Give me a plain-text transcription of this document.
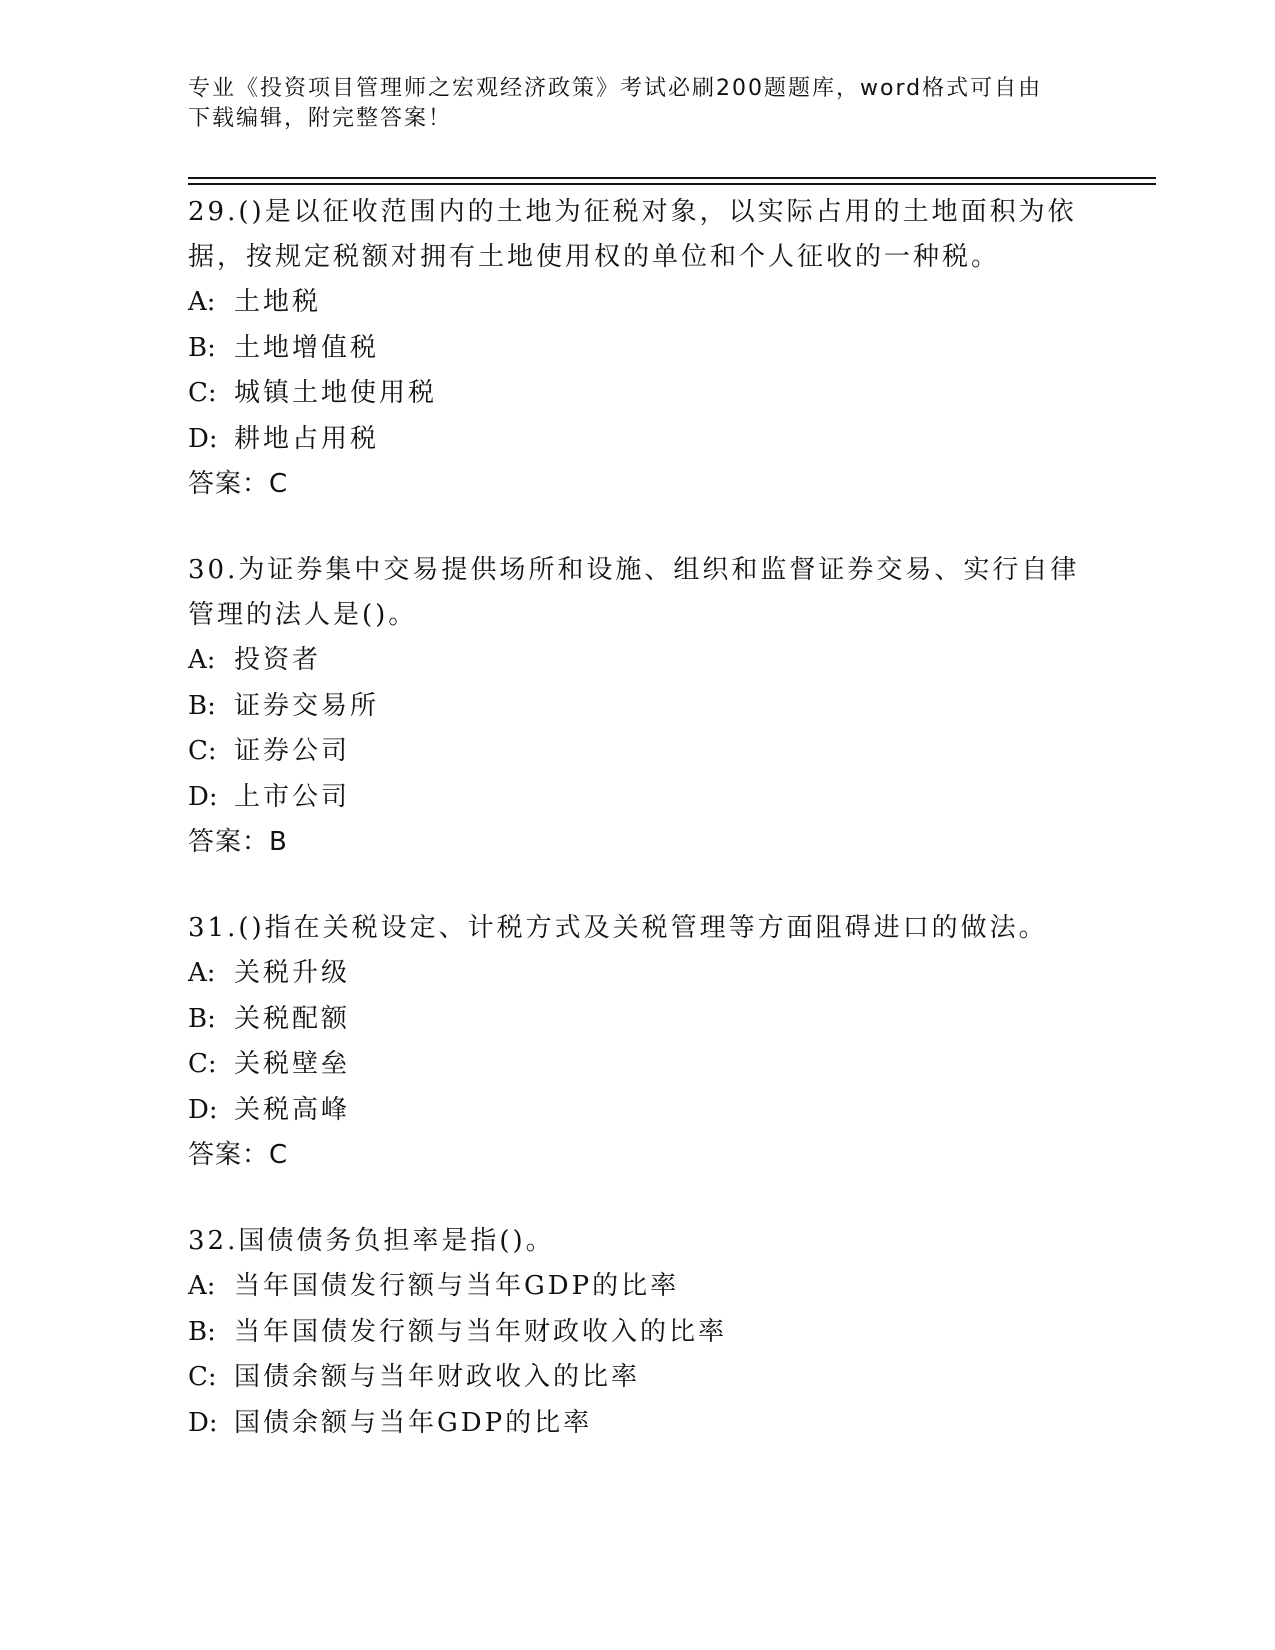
专业《投资项目管理师之宏观经济政策》考试必刷200题题库，word格式可自由
下载编辑，附完整答案！
29.()是以征收范围内的土地为征税对象，以实际占用的土地面积为依
据，按规定税额对拥有土地使用权的单位和个人征收的一种税。
A: 土地税
B: 土地增值税
C: 城镇土地使用税
D: 耕地占用税
答案：C
30.为证券集中交易提供场所和设施、组织和监督证券交易、实行自律
管理的法人是()。
A: 投资者
B: 证券交易所
C: 证券公司
D: 上市公司
答案：B
31.()指在关税设定、计税方式及关税管理等方面阻碍进口的做法。
A: 关税升级
B: 关税配额
C: 关税壁垒
D: 关税高峰
答案：C
32.国债债务负担率是指()。
A: 当年国债发行额与当年GDP的比率
B: 当年国债发行额与当年财政收入的比率
C: 国债余额与当年财政收入的比率
D: 国债余额与当年GDP的比率
